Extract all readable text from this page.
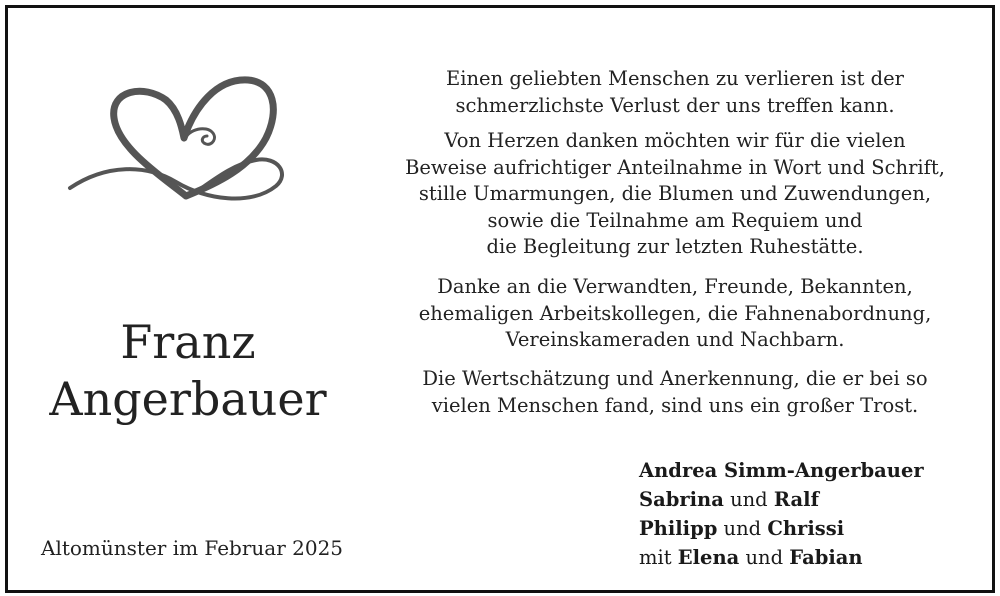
Franz
Angerbauer
Altomünster im Februar 2025
Einen geliebten Menschen zu verlieren ist der
schmerzlichste Verlust der uns treffen kann.
Von Herzen danken möchten wir für die vielen
Beweise aufrichtiger Anteilnahme in Wort und Schrift,
stille Umarmungen, die Blumen und Zuwendungen,
sowie die Teilnahme am Requiem und
die Begleitung zur letzten Ruhestätte.
Danke an die Verwandten, Freunde, Bekannten,
ehemaligen Arbeitskollegen, die Fahnenabordnung,
Vereinskameraden und Nachbarn.
Die Wertschätzung und Anerkennung, die er bei so
vielen Menschen fand, sind uns ein großer Trost.
Andrea Simm-Angerbauer
Sabrina und Ralf
Philipp und Chrissi
mit Elena und Fabian
